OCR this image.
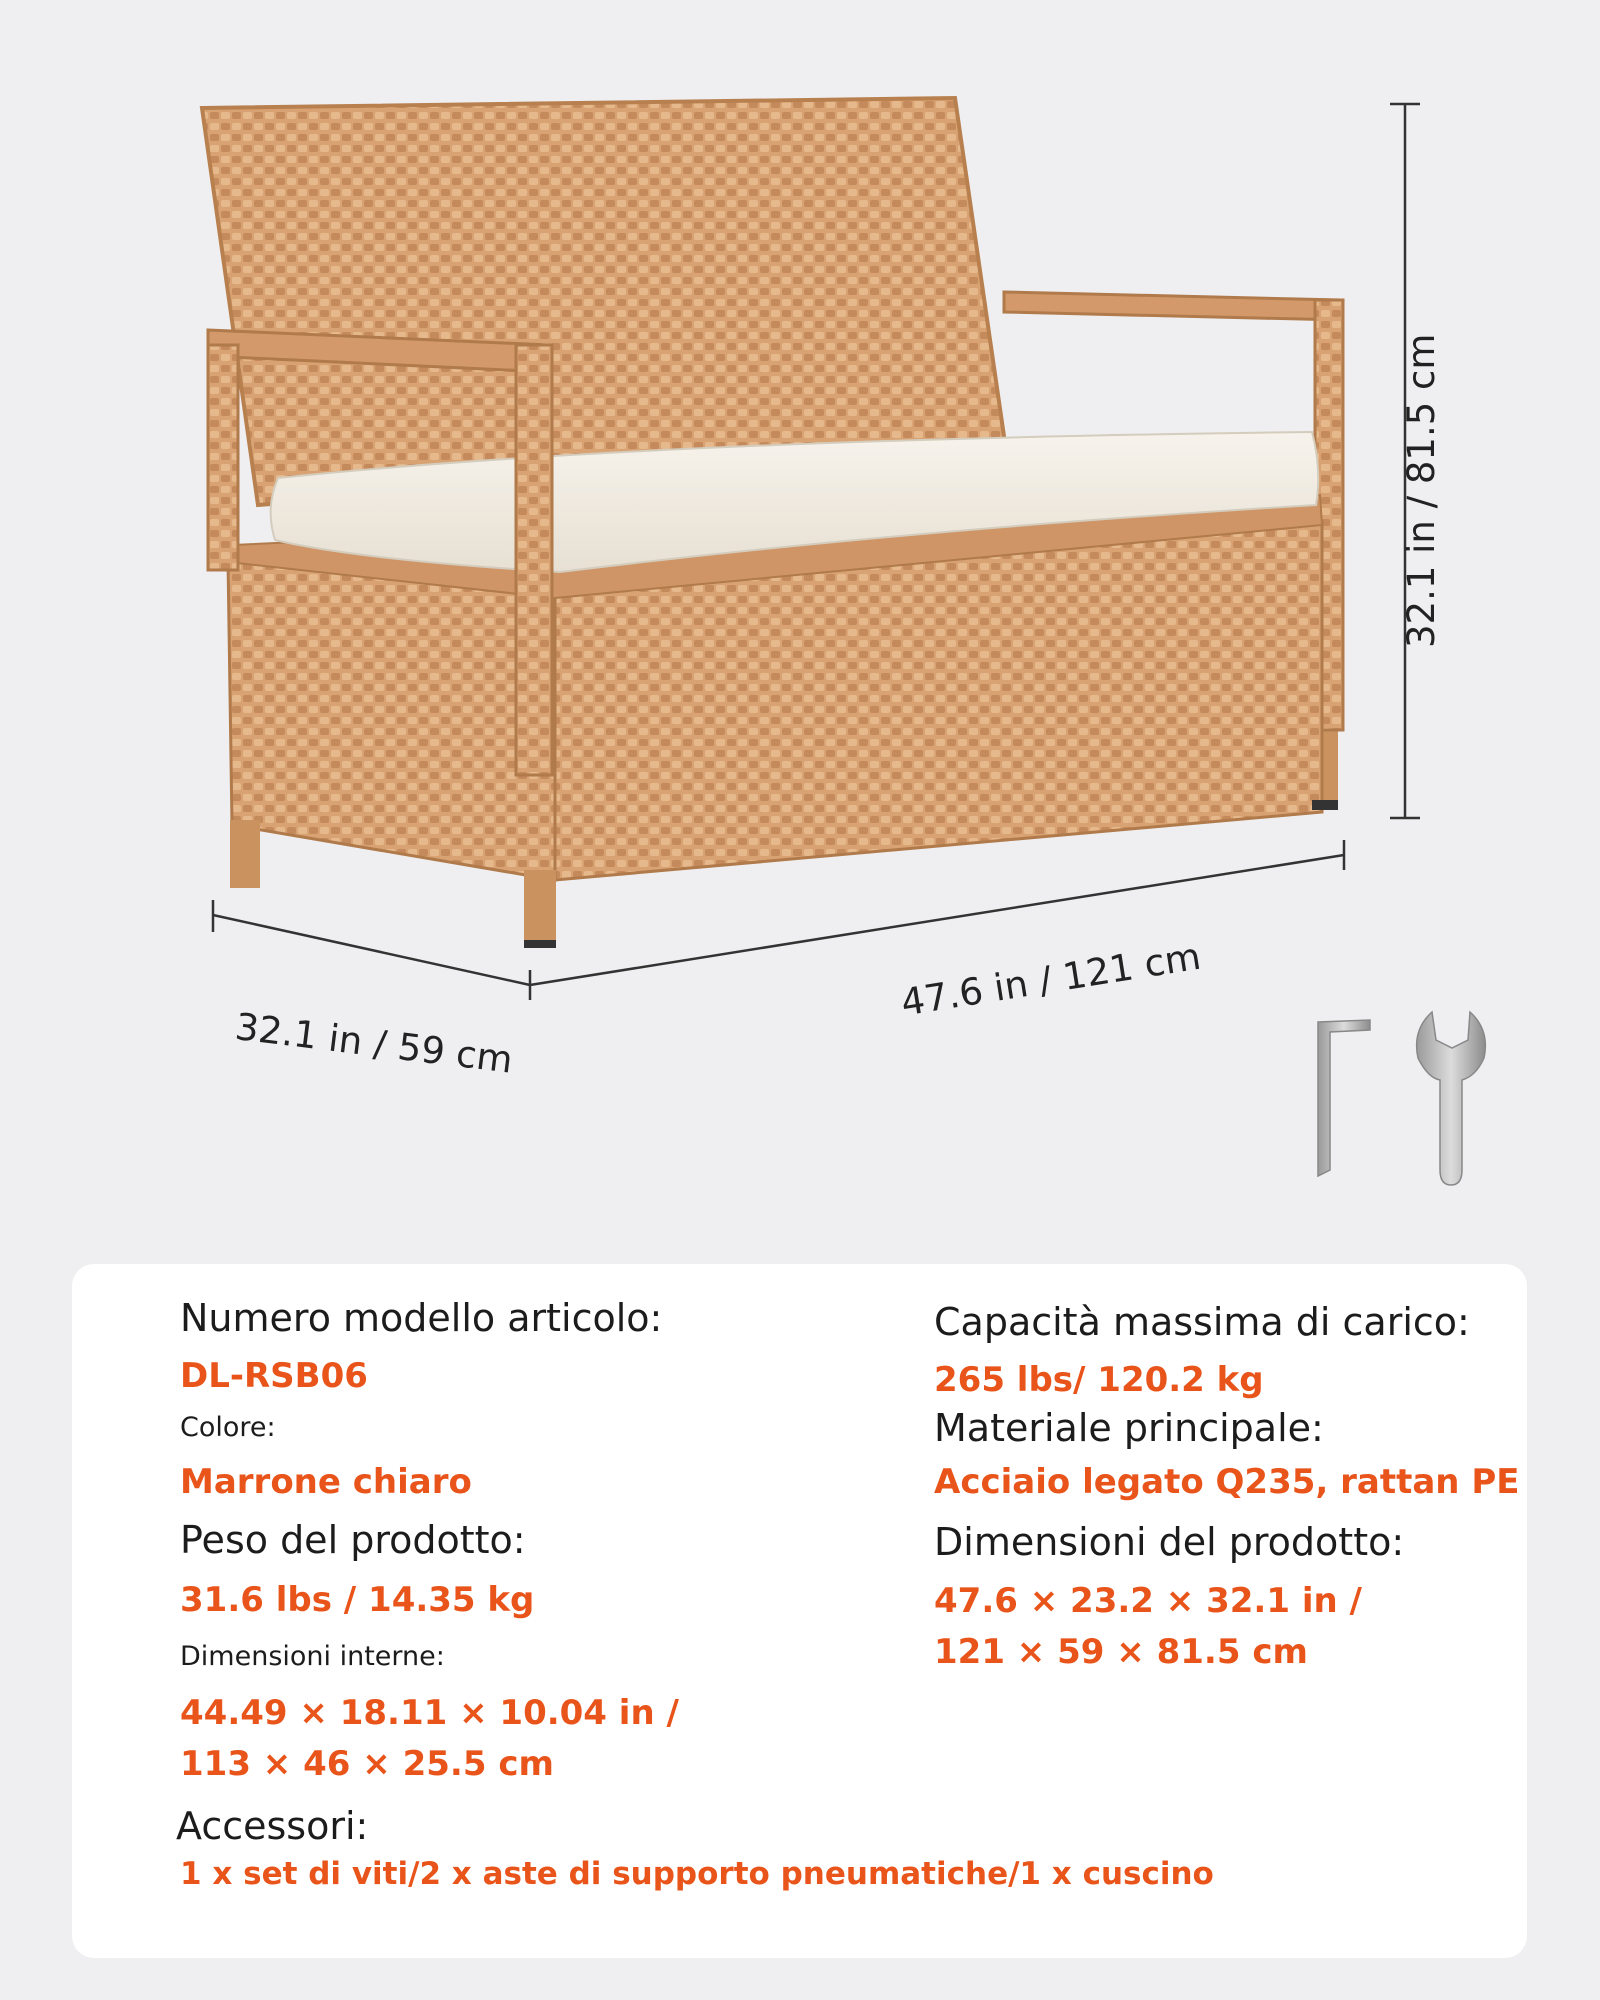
32.1 in / 81.5 cm
47.6 in / 121 cm
32.1 in / 59 cm
Numero modello articolo:
DL-RSB06
Colore:
Marrone chiaro
Peso del prodotto:
31.6 lbs / 14.35 kg
Dimensioni interne:
44.49 × 18.11 × 10.04 in /
113 × 46 × 25.5 cm
Capacità massima di carico:
265 lbs/ 120.2 kg
Materiale principale:
Acciaio legato Q235, rattan PE
Dimensioni del prodotto:
47.6 × 23.2 × 32.1 in /
121 × 59 × 81.5 cm
Accessori:
1 x set di viti/2 x aste di supporto pneumatiche/1 x cuscino
